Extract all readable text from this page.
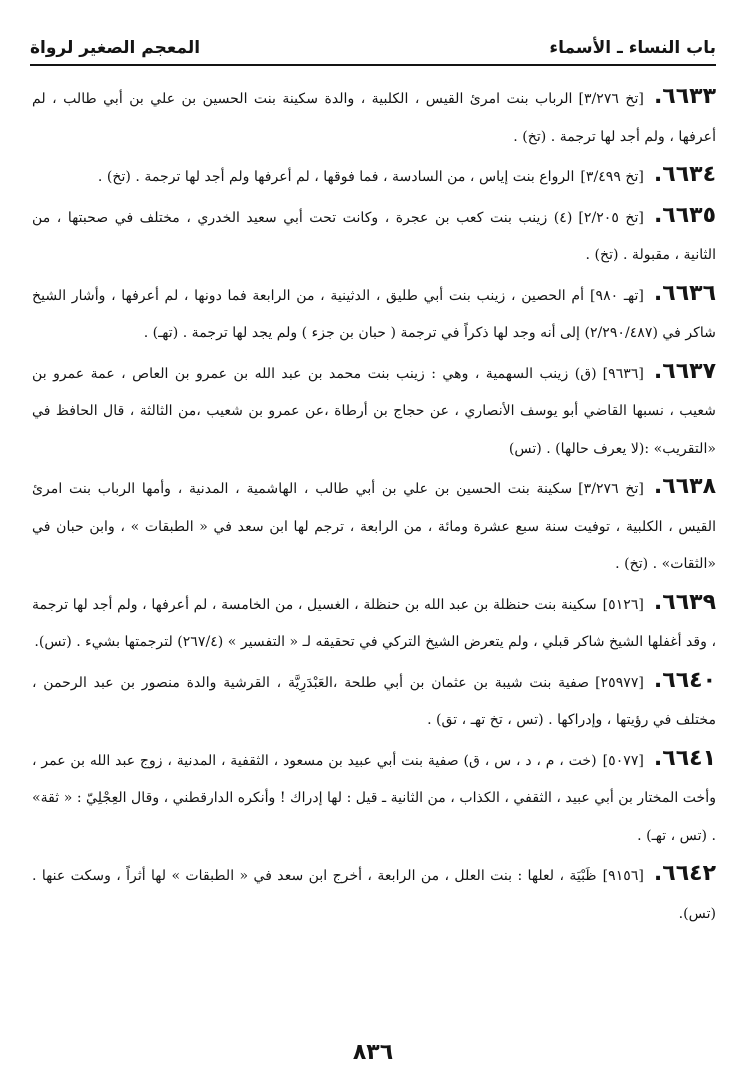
باب النساء ـ الأسماء
المعجم الصغير لرواة

٦٦٣٣ .[تخ ٣/٢٧٦]الرباب بنت امرئ القيس ، الكلبية ، والدة سكينة بنت الحسين بن علي بن أبي طالب ، لم أعرفها ، ولم أجد لها ترجمة . (تخ) .

٦٦٣٤ .[تخ ٣/٤٩٩]الرواع بنت إياس ، من السادسة ، فما فوقها ، لم أعرفها ولم أجد لها ترجمة . (تخ) .

٦٦٣٥ .[تخ ٢/٢٠٥](٤) زينب بنت كعب بن عجرة ، وكانت تحت أبي سعيد الخدري ، مختلف في صحبتها ، من الثانية ، مقبولة . (تخ) .

٦٦٣٦ .[تهـ ٩٨٠]أم الحصين ، زينب بنت أبي طليق ، الدثينية ، من الرابعة فما دونها ، لم أعرفها ، وأشار الشيخ شاكر في (٢/٢٩٠/٤٨٧) إلى أنه وجد لها ذكراً في ترجمة ( حبان بن جزء ) ولم يجد لها ترجمة . (تهـ) .

٦٦٣٧ .[٩٦٣٦](ق) زينب السهمية ، وهي : زينب بنت محمد بن عبد الله بن عمرو بن العاص ، عمة عمرو بن شعيب ، نسبها القاضي أبو يوسف الأنصاري ، عن حجاج بن أرطاة ،عن عمرو بن شعيب ،من الثالثة ، قال الحافظ في «التقريب» :(لا يعرف حالها) . (تس)

٦٦٣٨ .[تخ ٣/٢٧٦]سكينة بنت الحسين بن علي بن أبي طالب ، الهاشمية ، المدنية ، وأمها الرباب بنت امرئ القيس ، الكلبية ، توفيت سنة سبع عشرة ومائة ، من الرابعة ، ترجم لها ابن سعد في « الطبقات » ، وابن حبان في «الثقات» . (تخ) .

٦٦٣٩ .[٥١٢٦]سكينة بنت حنظلة بن عبد الله بن حنظلة ، الغسيل ، من الخامسة ، لم أعرفها ، ولم أجد لها ترجمة ، وقد أغفلها الشيخ شاكر قبلي ، ولم يتعرض الشيخ التركي في تحقيقه لـ « التفسير » (٢٦٧/٤) لترجمتها بشيء . (تس).

٦٦٤٠ .[٢٥٩٧٧]صفية بنت شيبة بن عثمان بن أبي طلحة ،العَبْدَرِيَّة ، القرشية والدة منصور بن عبد الرحمن ، مختلف في رؤيتها ، وإدراكها . (تس ، تخ تهـ ، تق) .

٦٦٤١ .[٥٠٧٧](خت ، م ، د ، س ، ق) صفية بنت أبي عبيد بن مسعود ، الثقفية ، المدنية ، زوج عبد الله بن عمر ، وأخت المختار بن أبي عبيد ، الثقفي ، الكذاب ، من الثانية ـ قيل : لها إدراك ! وأنكره الدارقطني ، وقال العِجْلِيّ : « ثقة» . (تس ، تهـ) .

٦٦٤٢ .[٩١٥٦]ظَبْيَة ، لعلها : بنت العلل ، من الرابعة ، أخرج ابن سعد في « الطبقات » لها أثراً ، وسكت عنها . (تس).

٨٣٦
